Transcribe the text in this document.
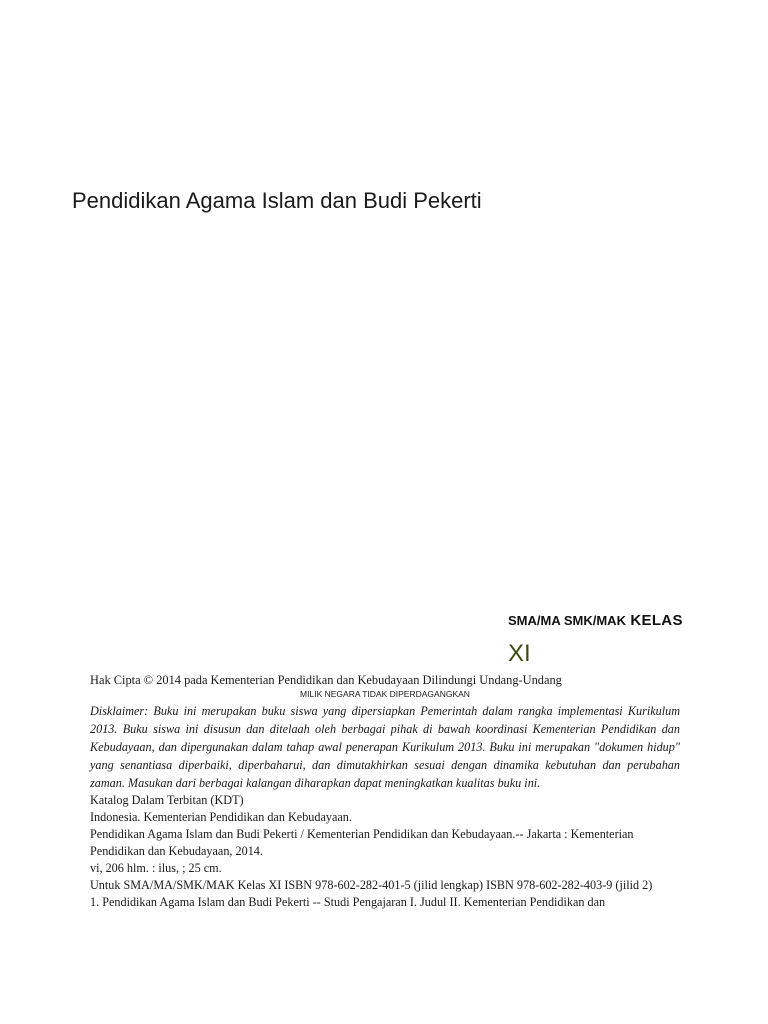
Pendidikan Agama Islam dan Budi Pekerti
SMA/MA SMK/MAK KELAS
XI
Hak Cipta © 2014 pada Kementerian Pendidikan dan Kebudayaan Dilindungi Undang-Undang
MILIK NEGARA TIDAK DIPERDAGANGKAN

Disklaimer: Buku ini merupakan buku siswa yang dipersiapkan Pemerintah dalam rangka implementasi Kurikulum 2013. Buku siswa ini disusun dan ditelaah oleh berbagai pihak di bawah koordinasi Kementerian Pendidikan dan Kebudayaan, dan dipergunakan dalam tahap awal penerapan Kurikulum 2013. Buku ini merupakan "dokumen hidup" yang senantiasa diperbaiki, diperbaharui, dan dimutakhirkan sesuai dengan dinamika kebutuhan dan perubahan zaman. Masukan dari berbagai kalangan diharapkan dapat meningkatkan kualitas buku ini.

Katalog Dalam Terbitan (KDT)

Indonesia. Kementerian Pendidikan dan Kebudayaan.

Pendidikan Agama Islam dan Budi Pekerti / Kementerian Pendidikan dan Kebudayaan.-- Jakarta : Kementerian

Pendidikan dan Kebudayaan, 2014.

vi, 206 hlm. : ilus, ; 25 cm.

Untuk SMA/MA/SMK/MAK Kelas XI ISBN 978-602-282-401-5 (jilid lengkap) ISBN 978-602-282-403-9 (jilid 2)

1. Pendidikan Agama Islam dan Budi Pekerti -- Studi Pengajaran I. Judul II. Kementerian Pendidikan dan
